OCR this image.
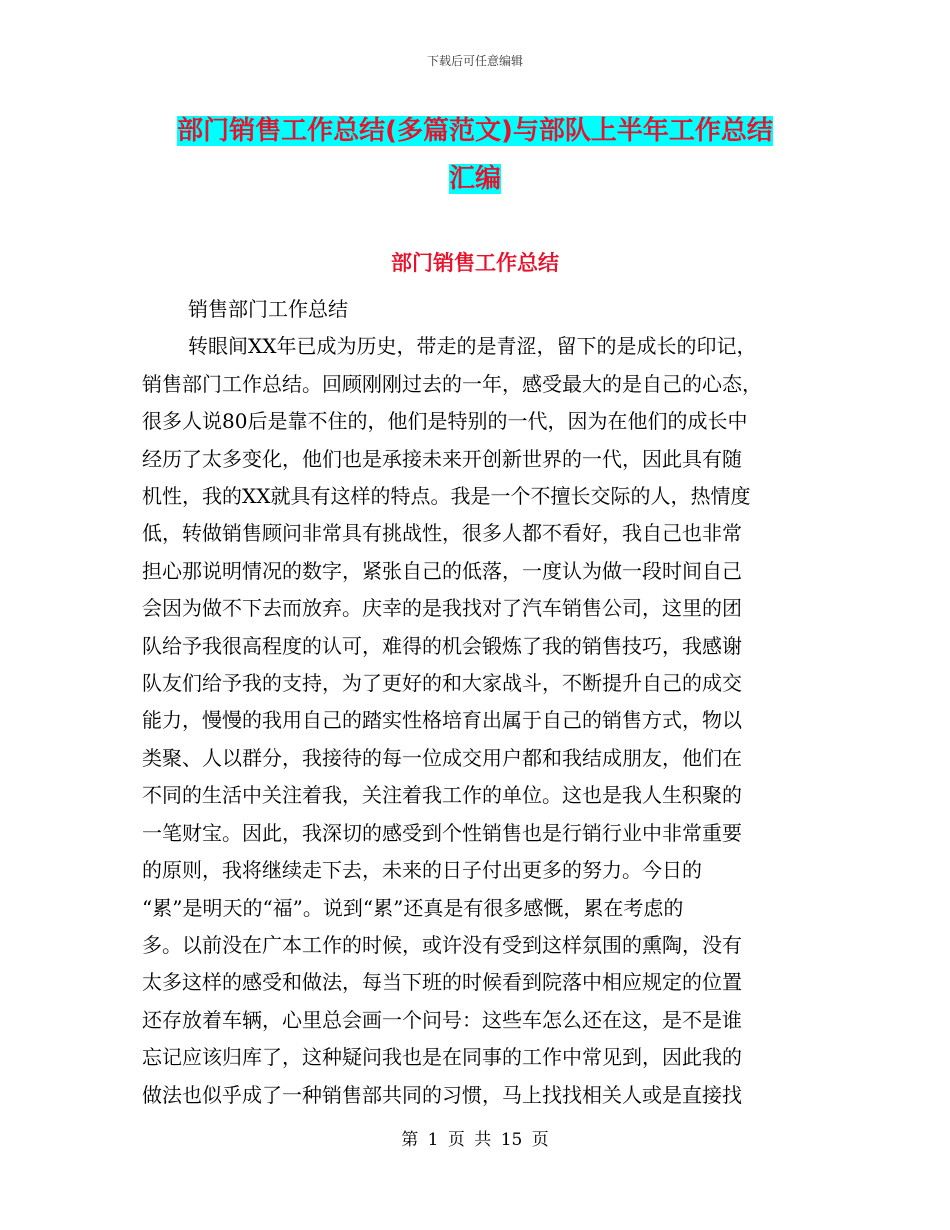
下载后可任意编辑
部门销售工作总结(多篇范文)与部队上半年工作总结
汇编
部门销售工作总结

销售部门工作总结

转眼间XX年已成为历史，带走的是青涩，留下的是成长的印记，

销售部门工作总结。回顾刚刚过去的一年，感受最大的是自己的心态，

很多人说80后是靠不住的，他们是特别的一代，因为在他们的成长中

经历了太多变化，他们也是承接未来开创新世界的一代，因此具有随

机性，我的XX就具有这样的特点。我是一个不擅长交际的人，热情度

低，转做销售顾问非常具有挑战性，很多人都不看好，我自己也非常

担心那说明情况的数字，紧张自己的低落，一度认为做一段时间自己

会因为做不下去而放弃。庆幸的是我找对了汽车销售公司，这里的团

队给予我很高程度的认可，难得的机会锻炼了我的销售技巧，我感谢

队友们给予我的支持，为了更好的和大家战斗，不断提升自己的成交

能力，慢慢的我用自己的踏实性格培育出属于自己的销售方式，物以

类聚、人以群分，我接待的每一位成交用户都和我结成朋友，他们在

不同的生活中关注着我，关注着我工作的单位。这也是我人生积聚的

一笔财宝。因此，我深切的感受到个性销售也是行销行业中非常重要

的原则，我将继续走下去，未来的日子付出更多的努力。今日的

“累”是明天的“福”。说到“累”还真是有很多感慨，累在考虑的

多。以前没在广本工作的时候，或许没有受到这样氛围的熏陶，没有

太多这样的感受和做法，每当下班的时候看到院落中相应规定的位置

还存放着车辆，心里总会画一个问号：这些车怎么还在这，是不是谁

忘记应该归库了，这种疑问我也是在同事的工作中常见到，因此我的

做法也似乎成了一种销售部共同的习惯，马上找找相关人或是直接找

第 1 页 共 15 页
